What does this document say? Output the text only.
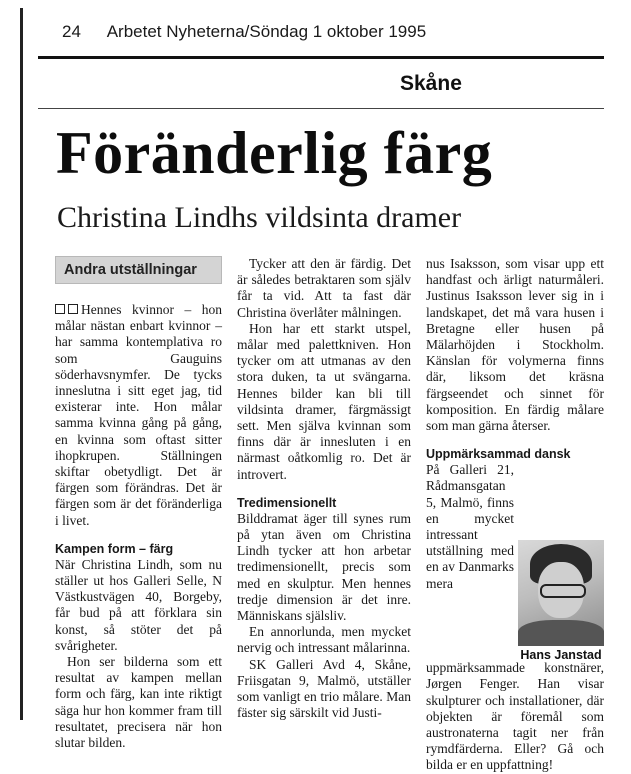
24 Arbetet Nyheterna/Söndag 1 oktober 1995
Skåne
Föränderlig färg
Christina Lindhs vildsinta dramer
Andra utställningar

Hennes kvinnor – hon målar nästan enbart kvinnor – har samma kontemplativa ro som Gauguins söderhavsnymfer. De tycks inneslutna i sitt eget jag, tid existerar inte. Hon målar samma kvinna gång på gång, en kvinna som oftast sitter ihopkrupen. Ställningen skiftar obetydligt. Det är färgen som förändras. Det är färgen som är det föränderliga i livet.

Kampen form – färg

När Christina Lindh, som nu ställer ut hos Galleri Selle, N Västkustvägen 40, Borgeby, får bud på att förklara sin konst, så stöter det på svårigheter.

Hon ser bilderna som ett resultat av kampen mellan form och färg, kan inte riktigt säga hur hon kommer fram till resultatet, precisera när hon slutar bilden.

Tycker att den är färdig. Det är således betraktaren som själv får ta vid. Att ta fast där Christina överlåter målningen.

Hon har ett starkt utspel, målar med palettkniven. Hon tycker om att utmanas av den stora duken, ta ut svängarna. Hennes bilder kan bli till vildsinta dramer, färgmässigt sett. Men själva kvinnan som finns där är innesluten i en närmast oåtkomlig ro. Det är introvert.

Tredimensionellt

Bilddramat äger till synes rum på ytan även om Christina Lindh tycker att hon arbetar tredimensionellt, precis som med en skulptur. Men hennes tredje dimension är det inre. Människans själsliv.

En annorlunda, men mycket nervig och intressant målarinna.

SK Galleri Avd 4, Skåne, Friisgatan 9, Malmö, utställer som vanligt en trio målare. Man fäster sig särskilt vid Justi-

nus Isaksson, som visar upp ett handfast och ärligt naturmåleri. Justinus Isaksson lever sig in i landskapet, det må vara husen i Bretagne eller husen på Mälarhöjden i Stockholm. Känslan för volymerna finns där, liksom det kräsna färgseendet och sinnet för komposition. En färdig målare som man gärna återser.

Uppmärksammad dansk

På Galleri 21, Rådmansgatan 5, Malmö, finns en mycket intressant utställning med en av Danmarks mera uppmärksammade konstnärer, Jørgen Fenger. Han visar skulpturer och installationer, där objekten är föremål som austronaterna tagit ner från rymdfärderna. Eller? Gå och bilda er en uppfattning!

Hans Janstad
